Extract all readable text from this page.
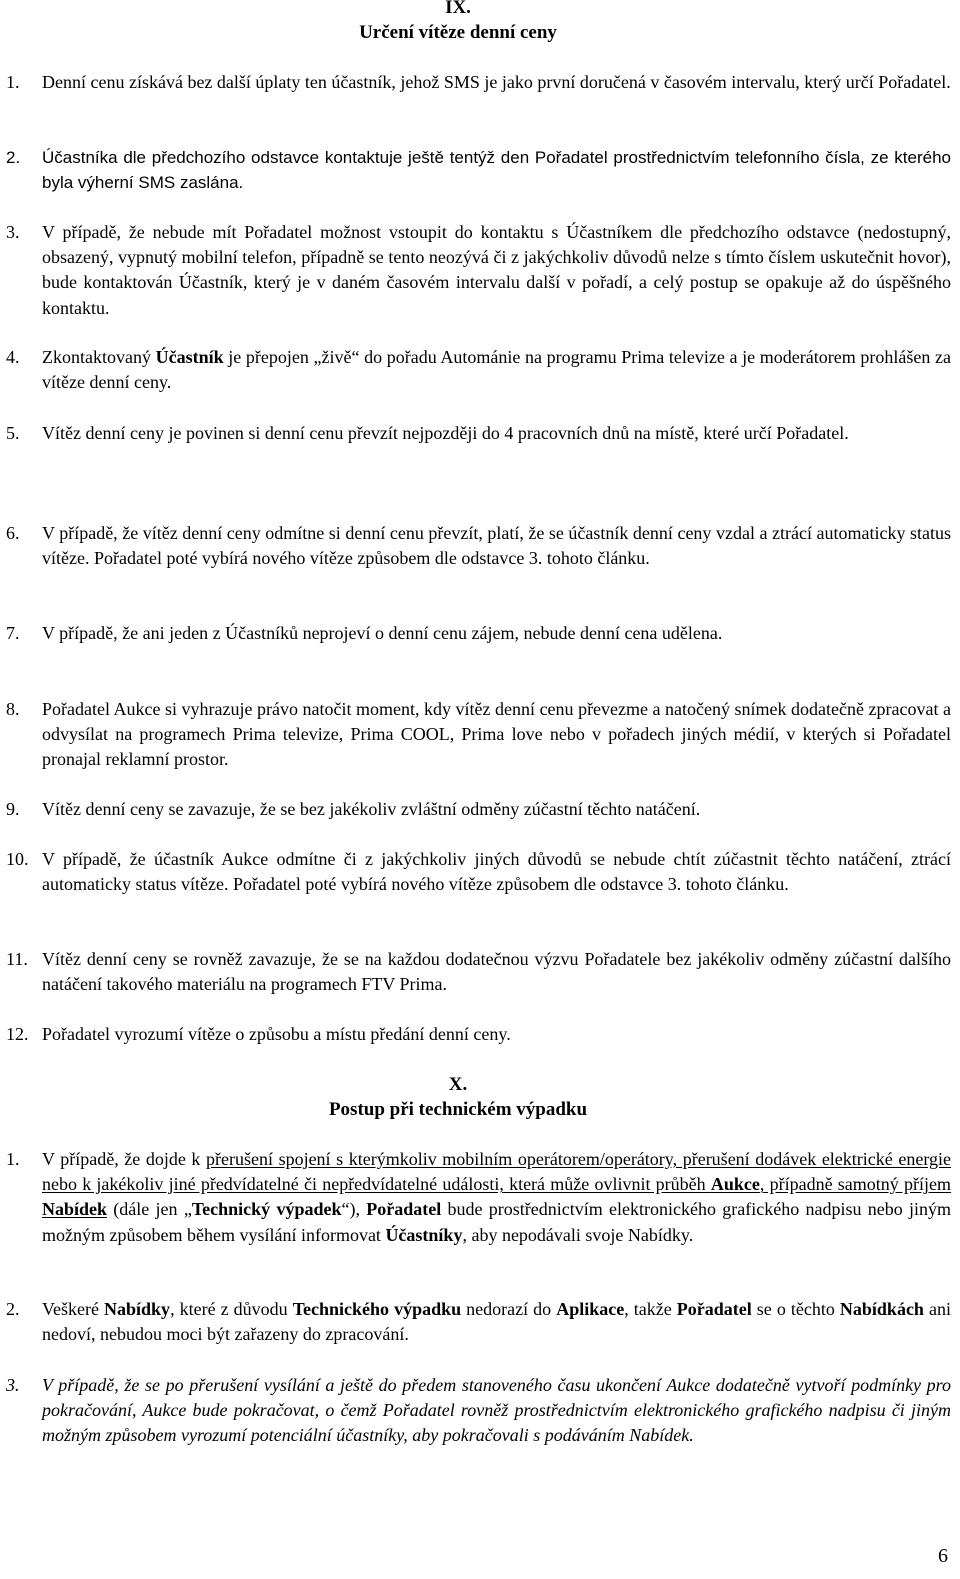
IX.
Určení vítěze denní ceny
1. Denní cenu získává bez další úplaty ten účastník, jehož SMS je jako první doručená v časovém intervalu, který určí Pořadatel.
2. Účastníka dle předchozího odstavce kontaktuje ještě tentýž den Pořadatel prostřednictvím telefonního čísla, ze kterého byla výherní SMS zaslána.
3. V případě, že nebude mít Pořadatel možnost vstoupit do kontaktu s Účastníkem dle předchozího odstavce (nedostupný, obsazený, vypnutý mobilní telefon, případně se tento neozývá či z jakýchkoliv důvodů nelze s tímto číslem uskutečnit hovor), bude kontaktován Účastník, který je v daném časovém intervalu další v pořadí, a celý postup se opakuje až do úspěšného kontaktu.
4. Zkontaktovaný Účastník je přepojen „živě“ do pořadu Autománie na programu Prima televize a je moderátorem prohlášen za vítěze denní ceny.
5. Vítěz denní ceny je povinen si denní cenu převzít nejpozději do 4 pracovních dnů na místě, které určí Pořadatel.
6. V případě, že vítěz denní ceny odmítne si denní cenu převzít, platí, že se účastník denní ceny vzdal a ztrácí automaticky status vítěze. Pořadatel poté vybírá nového vítěze způsobem dle odstavce 3. tohoto článku.
7. V případě, že ani jeden z Účastníků neprojeví o denní cenu zájem, nebude denní cena udělena.
8. Pořadatel Aukce si vyhrazuje právo natočit moment, kdy vítěz denní cenu převezme a natočený snímek dodatečně zpracovat a odvysílat na programech Prima televize, Prima COOL, Prima love nebo v pořadech jiných médií, v kterých si Pořadatel pronajal reklamní prostor.
9. Vítěz denní ceny se zavazuje, že se bez jakékoliv zvláštní odměny zúčastní těchto natáčení.
10. V případě, že účastník Aukce odmítne či z jakýchkoliv jiných důvodů se nebude chtít zúčastnit těchto natáčení, ztrácí automaticky status vítěze. Pořadatel poté vybírá nového vítěze způsobem dle odstavce 3. tohoto článku.
11. Vítěz denní ceny se rovněž zavazuje, že se na každou dodatečnou výzvu Pořadatele bez jakékoliv odměny zúčastní dalšího natáčení takového materiálu na programech FTV Prima.
12. Pořadatel vyrozumí vítěze o způsobu a místu předání denní ceny.
X.
Postup při technickém výpadku
1. V případě, že dojde k přerušení spojení s kterýmkoliv mobilním operátorem/operátory, přerušení dodávek elektrické energie nebo k jakékoliv jiné předvídatelné či nepředvídatelné události, která může ovlivnit průběh Aukce, případně samotný příjem Nabídek (dále jen „Technický výpadek“), Pořadatel bude prostřednictvím elektronického grafického nadpisu nebo jiným možným způsobem během vysílání informovat Účastníky, aby nepodávali svoje Nabídky.
2. Veškeré Nabídky, které z důvodu Technického výpadku nedorazí do Aplikace, takže Pořadatel se o těchto Nabídkách ani nedoví, nebudou moci být zařazeny do zpracování.
3. V případě, že se po přerušení vysílání a ještě do předem stanoveného času ukončení Aukce dodatečně vytvoří podmínky pro pokračování, Aukce bude pokračovat, o čemž Pořadatel rovněž prostřednictvím elektronického grafického nadpisu či jiným možným způsobem vyrozumí potenciální účastníky, aby pokračovali s podáváním Nabídek.
6
